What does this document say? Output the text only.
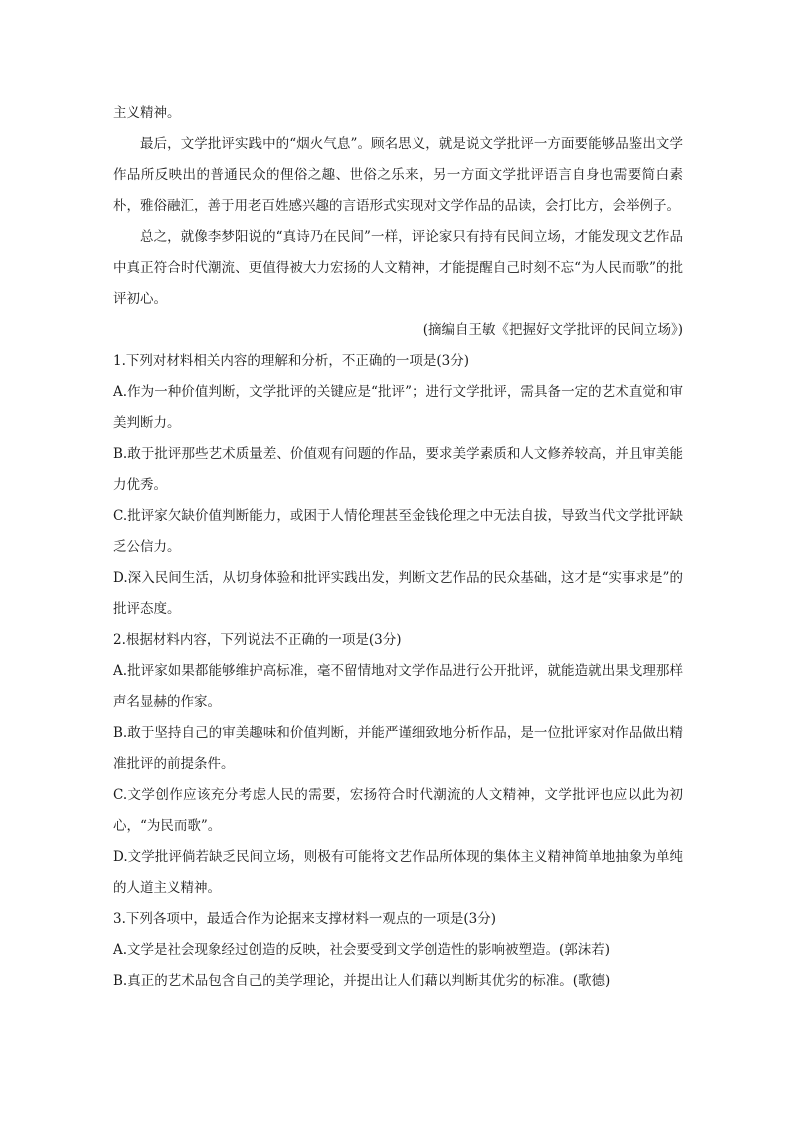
主义精神。

最后，文学批评实践中的“烟火气息”。顾名思义，就是说文学批评一方面要能够品鉴出文学作品所反映出的普通民众的俚俗之趣、世俗之乐来，另一方面文学批评语言自身也需要简白素朴，雅俗融汇，善于用老百姓感兴趣的言语形式实现对文学作品的品读，会打比方，会举例子。

总之，就像李梦阳说的“真诗乃在民间”一样，评论家只有持有民间立场，才能发现文艺作品中真正符合时代潮流、更值得被大力宏扬的人文精神，才能提醒自己时刻不忘“为人民而歌”的批评初心。

(摘编自王敏《把握好文学批评的民间立场》)

1.下列对材料相关内容的理解和分析，不正确的一项是(3分)

A.作为一种价值判断，文学批评的关键应是“批评”；进行文学批评，需具备一定的艺术直觉和审美判断力。

B.敢于批评那些艺术质量差、价值观有问题的作品，要求美学素质和人文修养较高，并且审美能力优秀。

C.批评家欠缺价值判断能力，或困于人情伦理甚至金钱伦理之中无法自拔，导致当代文学批评缺乏公信力。

D.深入民间生活，从切身体验和批评实践出发，判断文艺作品的民众基础，这才是“实事求是”的批评态度。

2.根据材料内容，下列说法不正确的一项是(3分)

A.批评家如果都能够维护高标准，毫不留情地对文学作品进行公开批评，就能造就出果戈理那样声名显赫的作家。

B.敢于坚持自己的审美趣味和价值判断，并能严谨细致地分析作品，是一位批评家对作品做出精准批评的前提条件。

C.文学创作应该充分考虑人民的需要，宏扬符合时代潮流的人文精神，文学批评也应以此为初心，“为民而歌”。

D.文学批评倘若缺乏民间立场，则极有可能将文艺作品所体现的集体主义精神简单地抽象为单纯的人道主义精神。

3.下列各项中，最适合作为论据来支撑材料一观点的一项是(3分)

A.文学是社会现象经过创造的反映，社会要受到文学创造性的影响被塑造。(郭沫若)

B.真正的艺术品包含自己的美学理论，并提出让人们藉以判断其优劣的标准。(歌德)
